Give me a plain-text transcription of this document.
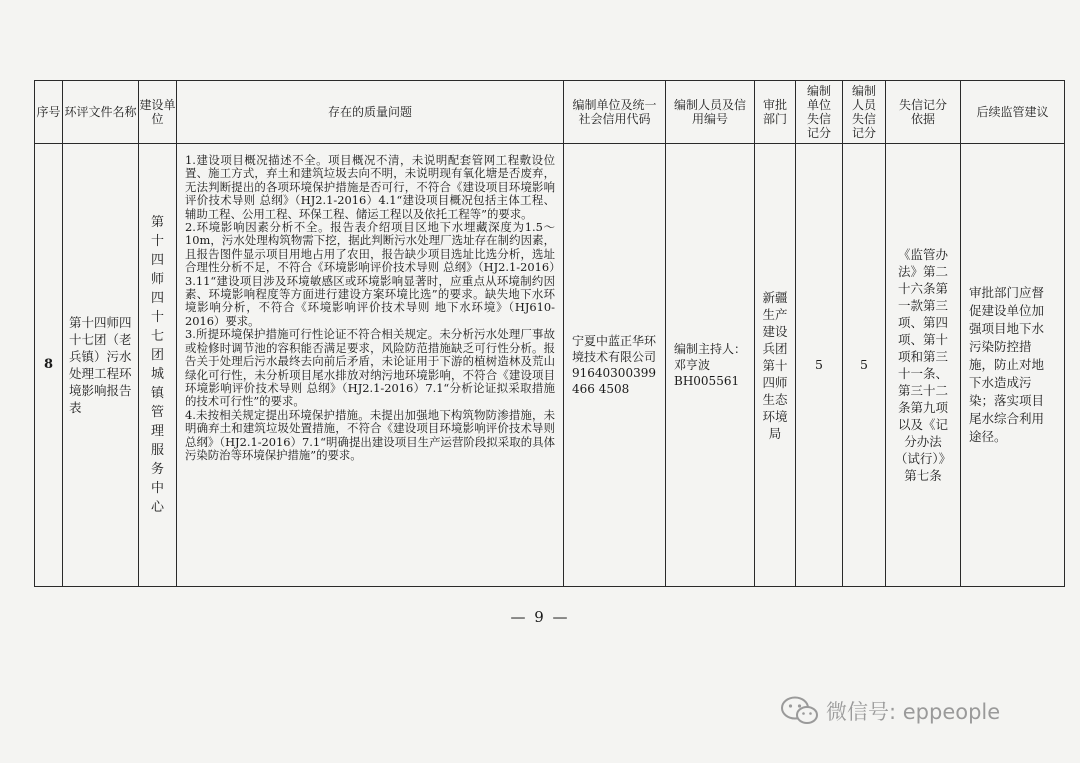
序号	环评文件名称	建设单位	存在的质量问题	编制单位及统一社会信用代码	编制人员及信用编号	审批部门	编制单位失信记分	编制人员失信记分	失信记分依据	后续监管建议
8	第十四师四十七团（老兵镇）污水处理工程环境影响报告表	第十四师四十七团城镇管理服务中心	1.建设项目概况描述不全。项目概况不清，未说明配套管网工程敷设位置、施工方式，弃土和建筑垃圾去向不明，未说明现有氧化塘是否废弃，无法判断提出的各项环境保护措施是否可行，不符合《建设项目环境影响评价技术导则 总纲》（HJ2.1-2016）4.1“建设项目概况包括主体工程、辅助工程、公用工程、环保工程、储运工程以及依托工程等”的要求。

2.环境影响因素分析不全。报告表介绍项目区地下水埋藏深度为1.5～10m，污水处理构筑物需下挖，据此判断污水处理厂选址存在制约因素，且报告图件显示项目用地占用了农田，报告缺少项目选址比选分析，选址合理性分析不足，不符合《环境影响评价技术导则 总纲》（HJ2.1-2016）3.11“建设项目涉及环境敏感区或环境影响显著时，应重点从环境制约因素、环境影响程度等方面进行建设方案环境比选”的要求。缺失地下水环境影响分析，不符合《环境影响评价技术导则 地下水环境》（HJ610-2016）要求。

3.所提环境保护措施可行性论证不符合相关规定。未分析污水处理厂事故或检修时调节池的容积能否满足要求，风险防范措施缺乏可行性分析。报告关于处理后污水最终去向前后矛盾，未论证用于下游的植树造林及荒山绿化可行性，未分析项目尾水排放对纳污地环境影响，不符合《建设项目环境影响评价技术导则 总纲》（HJ2.1-2016）7.1“分析论证拟采取措施的技术可行性”的要求。

4.未按相关规定提出环境保护措施。未提出加强地下构筑物防渗措施，未明确弃土和建筑垃圾处置措施，不符合《建设项目环境影响评价技术导则 总纲》（HJ2.1-2016）7.1“明确提出建设项目生产运营阶段拟采取的具体污染防治等环境保护措施”的要求。	宁夏中蓝正华环境技术有限公司91640300399466 4508	编制主持人：邓亨波 BH005561	新疆生产建设兵团第十四师生态环境局	5	5	《监管办法》第二十六条第一款第三项、第四项、第十项和第三十一条、第三十二条第九项以及《记分办法（试行）》第七条	审批部门应督促建设单位加强项目地下水污染防控措施，防止对地下水造成污染；落实项目尾水综合利用途径。
— 9 —
微信号: eppeople
